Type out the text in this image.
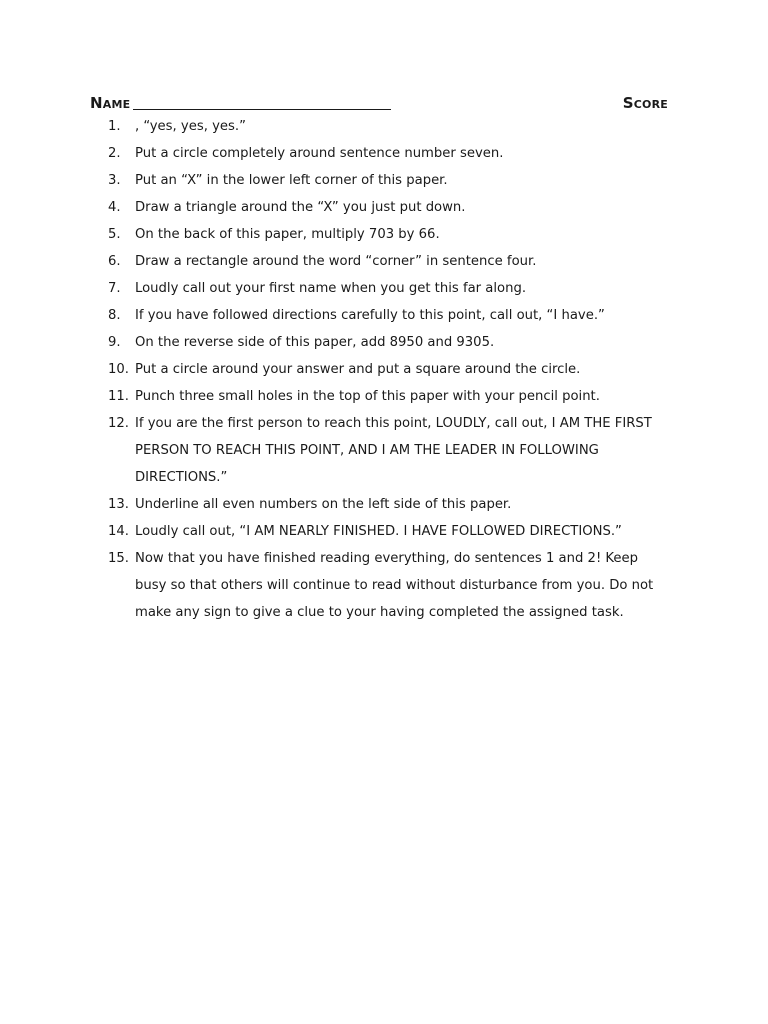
Name	Score
1. , “yes, yes, yes.”
2. Put a circle completely around sentence number seven.
3. Put an “X” in the lower left corner of this paper.
4. Draw a triangle around the “X” you just put down.
5. On the back of this paper, multiply 703 by 66.
6. Draw a rectangle around the word “corner” in sentence four.
7. Loudly call out your first name when you get this far along.
8. If you have followed directions carefully to this point, call out, “I have.”
9. On the reverse side of this paper, add 8950 and 9305.
10. Put a circle around your answer and put a square around the circle.
11. Punch three small holes in the top of this paper with your pencil point.
12. If you are the first person to reach this point, LOUDLY, call out, I AM THE FIRST
PERSON TO REACH THIS POINT, AND I AM THE LEADER IN FOLLOWING
DIRECTIONS.”
13. Underline all even numbers on the left side of this paper.
14. Loudly call out, “I AM NEARLY FINISHED. I HAVE FOLLOWED DIRECTIONS.”
15. Now that you have finished reading everything, do sentences 1 and 2! Keep
busy so that others will continue to read without disturbance from you. Do not
make any sign to give a clue to your having completed the assigned task.
